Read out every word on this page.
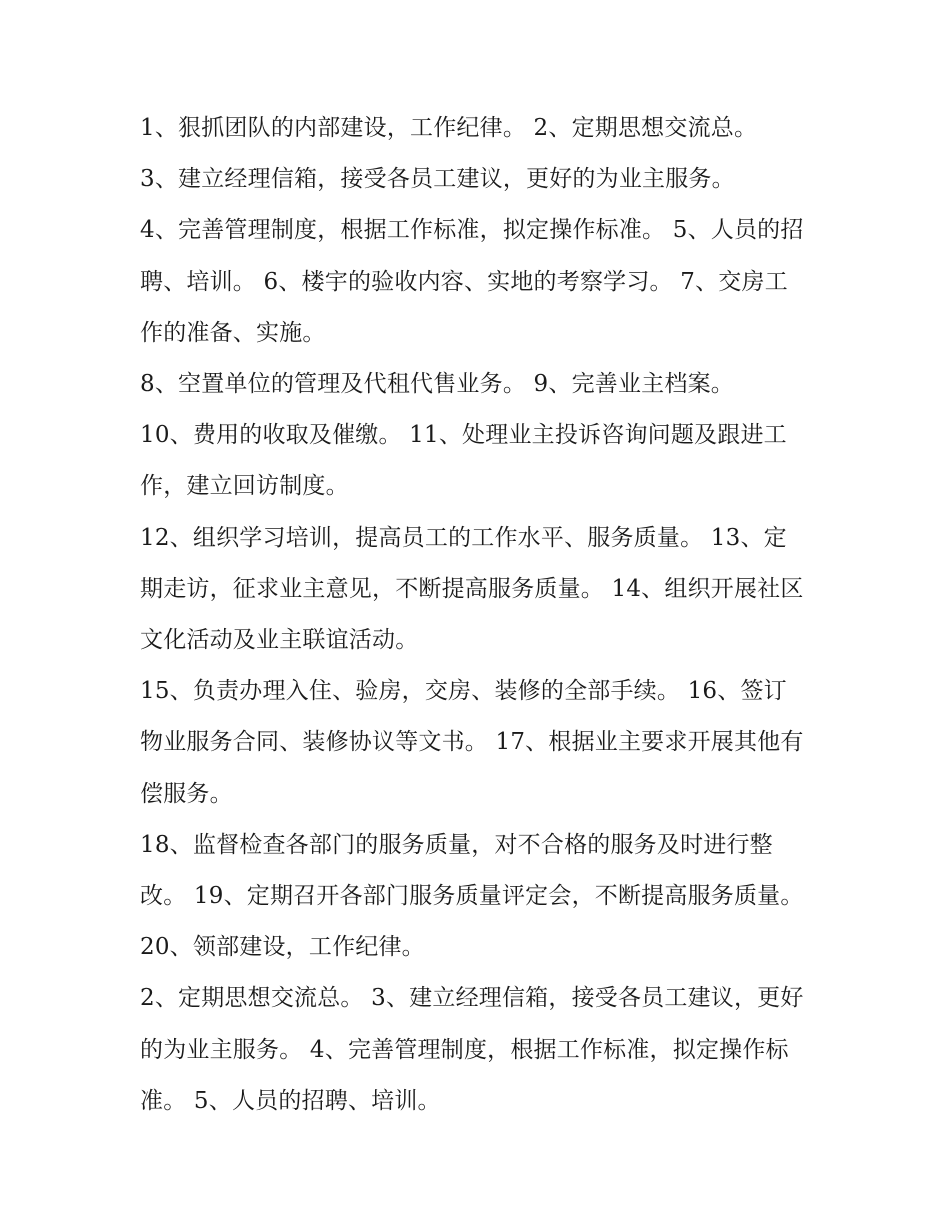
1、狠抓团队的内部建设，工作纪律。 2、定期思想交流总。

3、建立经理信箱，接受各员工建议，更好的为业主服务。

4、完善管理制度，根据工作标准，拟定操作标准。 5、人员的招聘、培训。 6、楼宇的验收内容、实地的考察学习。 7、交房工作的准备、实施。

8、空置单位的管理及代租代售业务。 9、完善业主档案。

10、费用的收取及催缴。 11、处理业主投诉咨询问题及跟进工作，建立回访制度。

12、组织学习培训，提高员工的工作水平、服务质量。 13、定期走访，征求业主意见，不断提高服务质量。 14、组织开展社区文化活动及业主联谊活动。

15、负责办理入住、验房，交房、装修的全部手续。 16、签订物业服务合同、装修协议等文书。 17、根据业主要求开展其他有偿服务。

18、监督检查各部门的服务质量，对不合格的服务及时进行整改。 19、定期召开各部门服务质量评定会，不断提高服务质量。 20、领部建设，工作纪律。

2、定期思想交流总。 3、建立经理信箱，接受各员工建议，更好的为业主服务。 4、完善管理制度，根据工作标准，拟定操作标准。 5、人员的招聘、培训。
